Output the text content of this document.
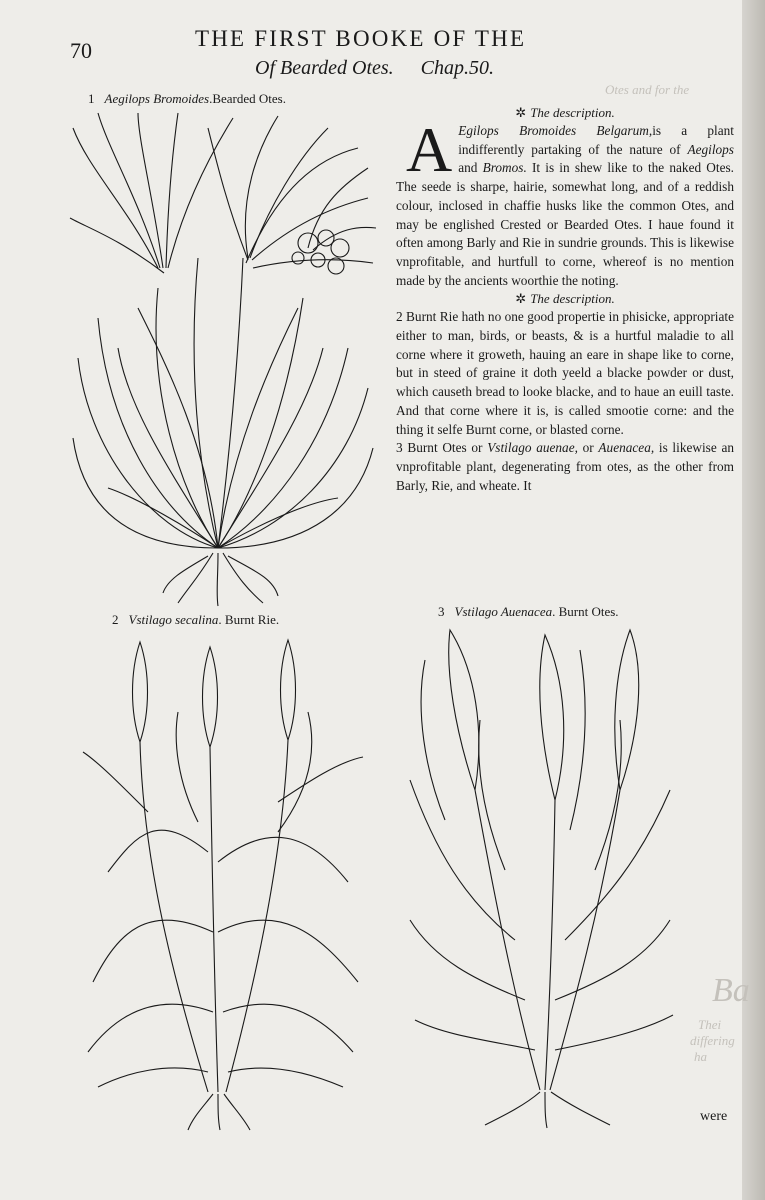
Otes and for the
Ba
Thei
differing
ha
70	THE FIRST BOOKE OF THE
Of Bearded Otes. Chap.50.
1 Aegilops Bromoides.Bearded Otes.
2 Vstilago secalina. Burnt Rie.
3 Vstilago Auenacea. Burnt Otes.

✲ The description.

A Egilops Bromoides Belgarum,is a plant indifferently partaking of the nature of Aegilops and Bromos. It is in shew like to the naked Otes. The seede is sharpe, hairie, somewhat long, and of a reddish colour, inclosed in chaffie husks like the common Otes, and may be englished Crested or Bearded Otes. I haue found it often among Barly and Rie in sundrie grounds. This is likewise vnprofitable, and hurtfull to corne, whereof is no mention made by the ancients woorthie the noting.

✲ The description.

2 Burnt Rie hath no one good propertie in phisicke, appropriate either to man, birds, or beasts, & is a hurtful maladie to all corne where it groweth, hauing an eare in shape like to corne, but in steed of graine it doth yeeld a blacke powder or dust, which causeth bread to looke blacke, and to haue an euill taste. And that corne where it is, is called smootie corne: and the thing it selfe Burnt corne, or blasted corne.

3 Burnt Otes or Vstilago auenae, or Auenacea, is likewise an vnprofitable plant, degenerating from otes, as the other from Barly, Rie, and wheate. It

were
